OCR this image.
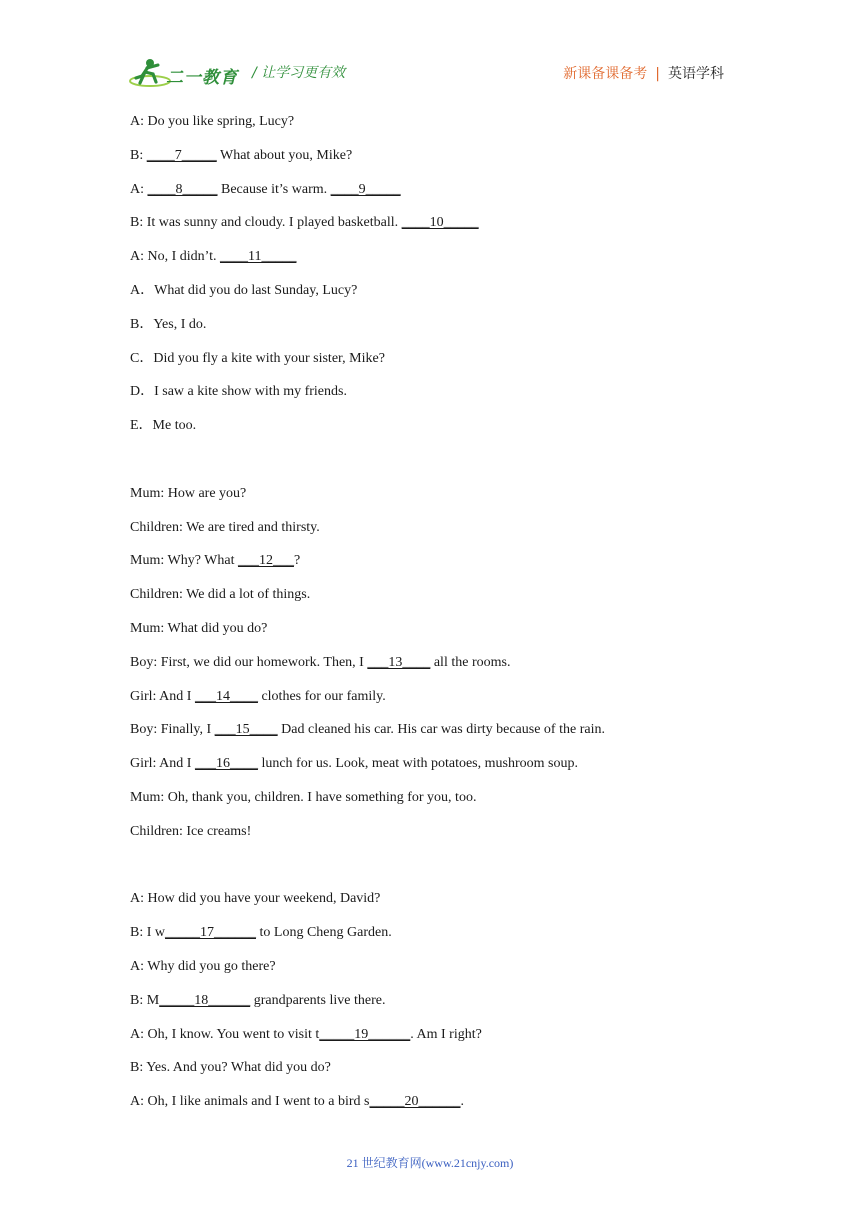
二一教育 / 让学习更有效	新课备课备考 | 英语学科
A: Do you like spring, Lucy?
B: ____7_____ What about you, Mike?
A: ____8_____ Because it’s warm. ____9_____
B: It was sunny and cloudy. I played basketball. ____10_____
A: No, I didn’t. ____11_____
A．What did you do last Sunday, Lucy?
B．Yes, I do.
C．Did you fly a kite with your sister, Mike?
D．I saw a kite show with my friends.
E．Me too.
Mum: How are you?
Children: We are tired and thirsty.
Mum: Why? What ___12___?
Children: We did a lot of things.
Mum: What did you do?
Boy: First, we did our homework. Then, I ___13____ all the rooms.
Girl: And I ___14____ clothes for our family.
Boy: Finally, I ___15____ Dad cleaned his car. His car was dirty because of the rain.
Girl: And I ___16____ lunch for us. Look, meat with potatoes, mushroom soup.
Mum: Oh, thank you, children. I have something for you, too.
Children: Ice creams!
A: How did you have your weekend, David?
B: I w_____17______ to Long Cheng Garden.
A: Why did you go there?
B: M_____18______ grandparents live there.
A: Oh, I know. You went to visit t_____19______. Am I right?
B: Yes. And you? What did you do?
A: Oh, I like animals and I went to a bird s_____20______.
21 世纪教育网(www.21cnjy.com)
